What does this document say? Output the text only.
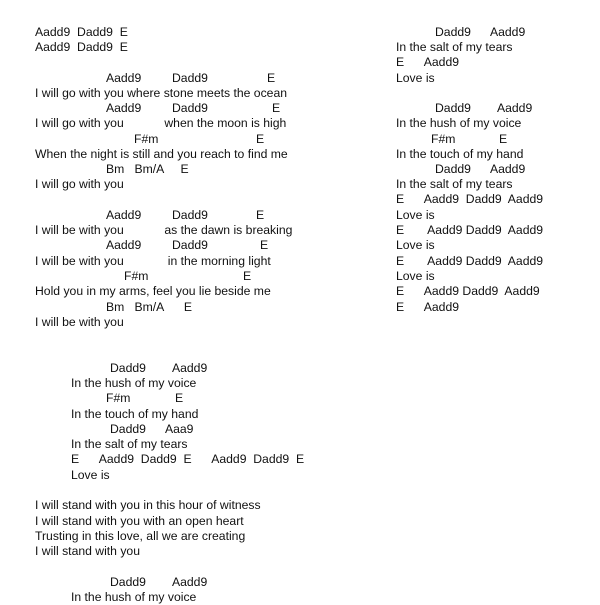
Aadd9  Dadd9  E
Aadd9  Dadd9  E
Aadd9	Dadd9	E
I will go with you where stone meets the ocean
Aadd9	Dadd9	E
I will go with you            when the moon is high
F#m	E
When the night is still and you reach to find me
Bm   Bm/A     E
I will go with you
Aadd9	Dadd9	E
I will be with you            as the dawn is breaking
Aadd9	Dadd9	E
I will be with you             in the morning light
F#m	E
Hold you in my arms, feel you lie beside me
Bm   Bm/A      E
I will be with you
Dadd9 Aadd9
In the hush of my voice
F#m	E
In the touch of my hand
Dadd9 Aaa9
In the salt of my tears
E      Aadd9  Dadd9  E      Aadd9  Dadd9  E
Love is
I will stand with you in this hour of witness
I will stand with you with an open heart
Trusting in this love, all we are creating
I will stand with you
Dadd9 Aadd9
In the hush of my voice
Dadd9 Aadd9
In the salt of my tears
E      Aadd9
Love is
Dadd9 Aadd9
In the hush of my voice
F#m	E
In the touch of my hand
Dadd9 Aadd9
In the salt of my tears
E      Aadd9  Dadd9  Aadd9
Love is
E       Aadd9 Dadd9  Aadd9
Love is
E       Aadd9 Dadd9  Aadd9
Love is
E      Aadd9 Dadd9  Aadd9
E      Aadd9
